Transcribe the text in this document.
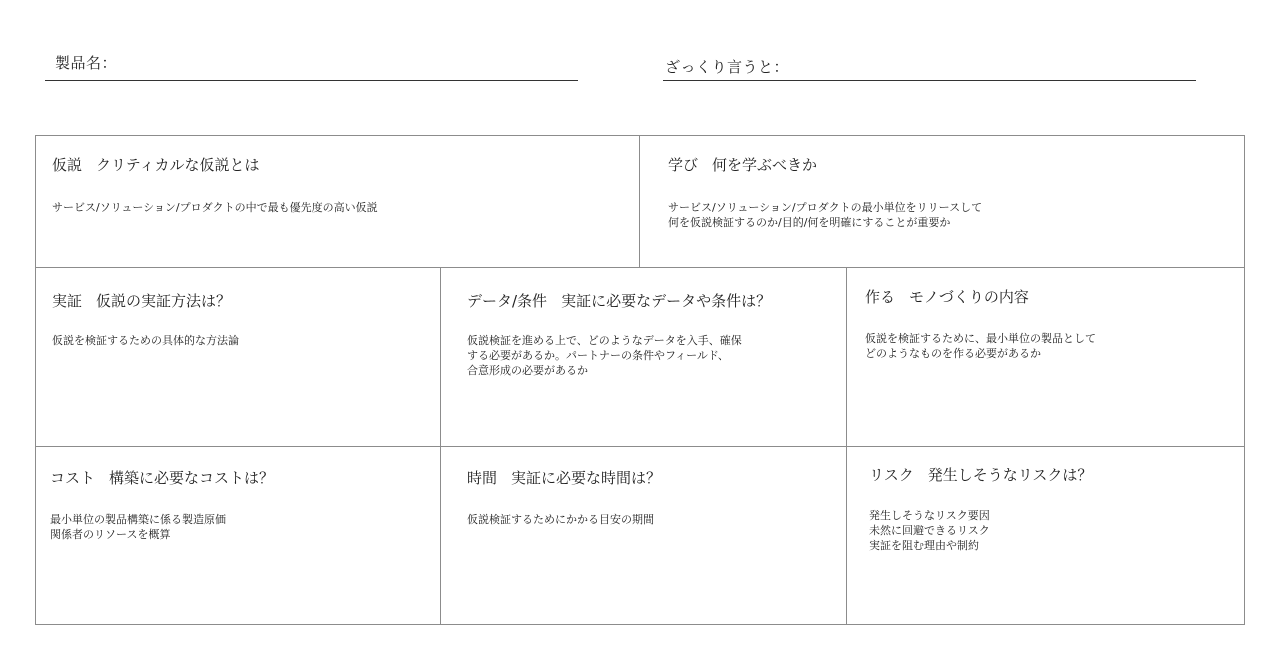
製品名：	ざっくり言うと：
仮説 クリティカルな仮説とは
サービス/ソリューション/プロダクトの中で最も優先度の高い仮説
学び 何を学ぶべきか
サービス/ソリューション/プロダクトの最小単位をリリースして
何を仮説検証するのか/目的/何を明確にすることが重要か
実証 仮説の実証方法は？
仮説を検証するための具体的な方法論
データ/条件 実証に必要なデータや条件は？
仮説検証を進める上で、どのようなデータを入手、確保
する必要があるか。パートナーの条件やフィールド、
合意形成の必要があるか
作る モノづくりの内容
仮説を検証するために、最小単位の製品として
どのようなものを作る必要があるか
コスト 構築に必要なコストは？
最小単位の製品構築に係る製造原価
関係者のリソースを概算
時間 実証に必要な時間は？
仮説検証するためにかかる目安の期間
リスク 発生しそうなリスクは？
発生しそうなリスク要因
未然に回避できるリスク
実証を阻む理由や制約
